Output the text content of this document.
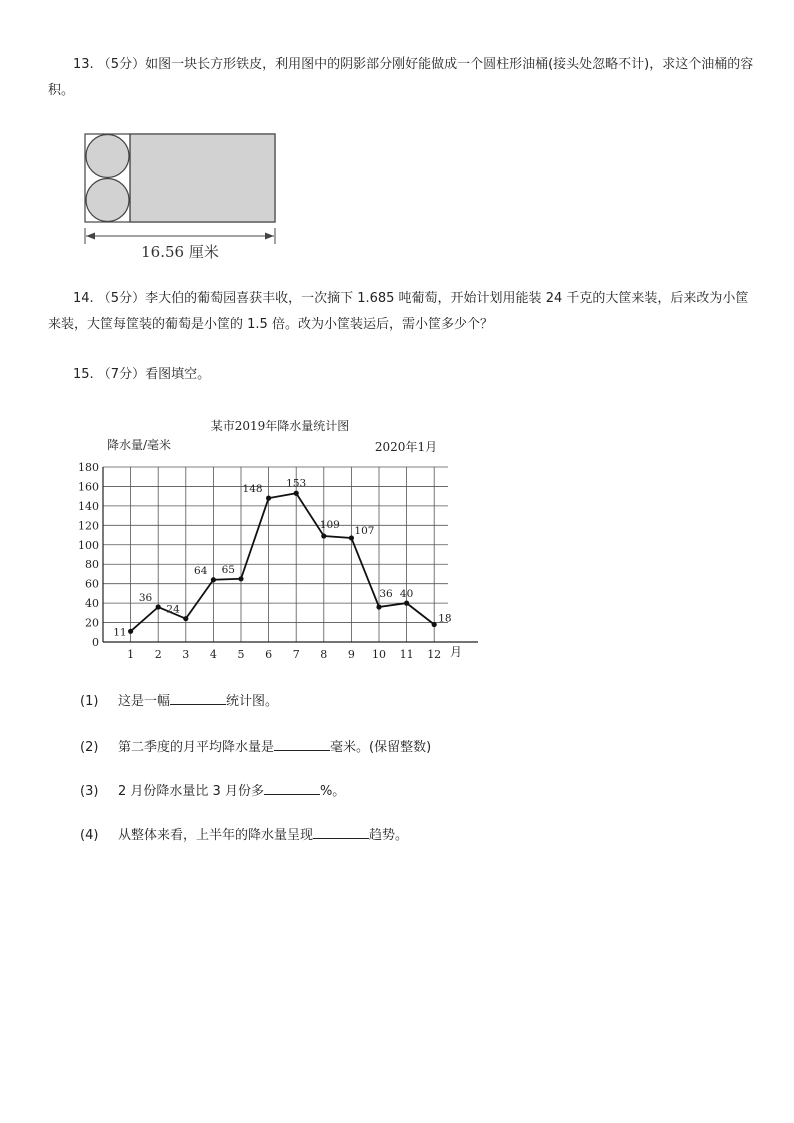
13. （5分）如图一块长方形铁皮，利用图中的阴影部分刚好能做成一个圆柱形油桶(接头处忽略不计)，求这个油桶的容积。
16.56 厘米
14. （5分）李大伯的葡萄园喜获丰收，一次摘下 1.685 吨葡萄，开始计划用能装 24 千克的大筐来装，后来改为小筐来装，大筐每筐装的葡萄是小筐的 1.5 倍。改为小筐装运后，需小筐多少个？
15. （7分）看图填空。
某市2019年降水量统计图
降水量/毫米	2020年1月
月
0
20
40
60
80
100
120
140
160
180
1 2 3 4 5 6 7 8 9 10 11 12
11
36
24
64 65
148 153
109 107
36 40
18
(1) 这是一幅	统计图。
(2) 第二季度的月平均降水量是	毫米。(保留整数)
(3) 2 月份降水量比 3 月份多	%。
(4) 从整体来看，上半年的降水量呈现	趋势。
